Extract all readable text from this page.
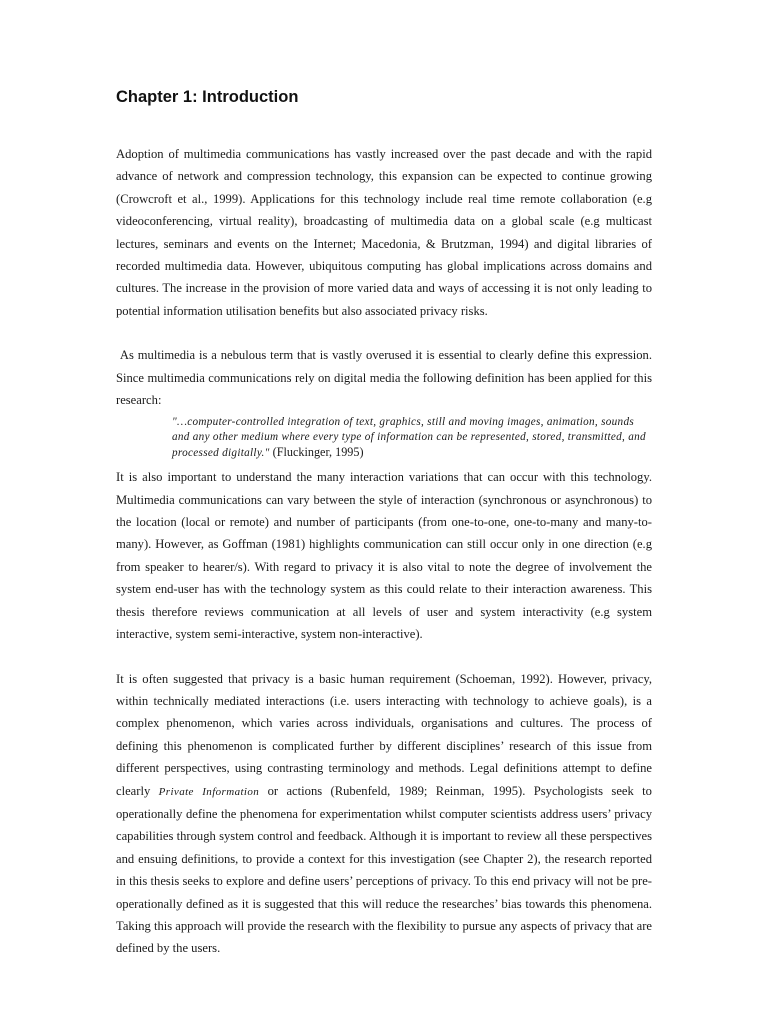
Chapter 1: Introduction

Adoption of multimedia communications has vastly increased over the past decade and with the rapid advance of network and compression technology, this expansion can be expected to continue growing (Crowcroft et al., 1999). Applications for this technology include real time remote collaboration (e.g videoconferencing, virtual reality), broadcasting of multimedia data on a global scale (e.g multicast lectures, seminars and events on the Internet; Macedonia, & Brutzman, 1994) and digital libraries of recorded multimedia data. However, ubiquitous computing has global implications across domains and cultures. The increase in the provision of more varied data and ways of accessing it is not only leading to potential information utilisation benefits but also associated privacy risks.

As multimedia is a nebulous term that is vastly overused it is essential to clearly define this expression. Since multimedia communications rely on digital media the following definition has been applied for this research:

"…computer-controlled integration of text, graphics, still and moving images, animation, sounds and any other medium where every type of information can be represented, stored, transmitted, and processed digitally." (Fluckinger, 1995)

It is also important to understand the many interaction variations that can occur with this technology. Multimedia communications can vary between the style of interaction (synchronous or asynchronous) to the location (local or remote) and number of participants (from one-to-one, one-to-many and many-to-many). However, as Goffman (1981) highlights communication can still occur only in one direction (e.g from speaker to hearer/s). With regard to privacy it is also vital to note the degree of involvement the system end-user has with the technology system as this could relate to their interaction awareness. This thesis therefore reviews communication at all levels of user and system interactivity (e.g system interactive, system semi-interactive, system non-interactive).

It is often suggested that privacy is a basic human requirement (Schoeman, 1992). However, privacy, within technically mediated interactions (i.e. users interacting with technology to achieve goals), is a complex phenomenon, which varies across individuals, organisations and cultures. The process of defining this phenomenon is complicated further by different disciplines’ research of this issue from different perspectives, using contrasting terminology and methods. Legal definitions attempt to define clearly Private Information or actions (Rubenfeld, 1989; Reinman, 1995). Psychologists seek to operationally define the phenomena for experimentation whilst computer scientists address users’ privacy capabilities through system control and feedback. Although it is important to review all these perspectives and ensuing definitions, to provide a context for this investigation (see Chapter 2), the research reported in this thesis seeks to explore and define users’ perceptions of privacy. To this end privacy will not be pre-operationally defined as it is suggested that this will reduce the researches’ bias towards this phenomena. Taking this approach will provide the research with the flexibility to pursue any aspects of privacy that are defined by the users.
